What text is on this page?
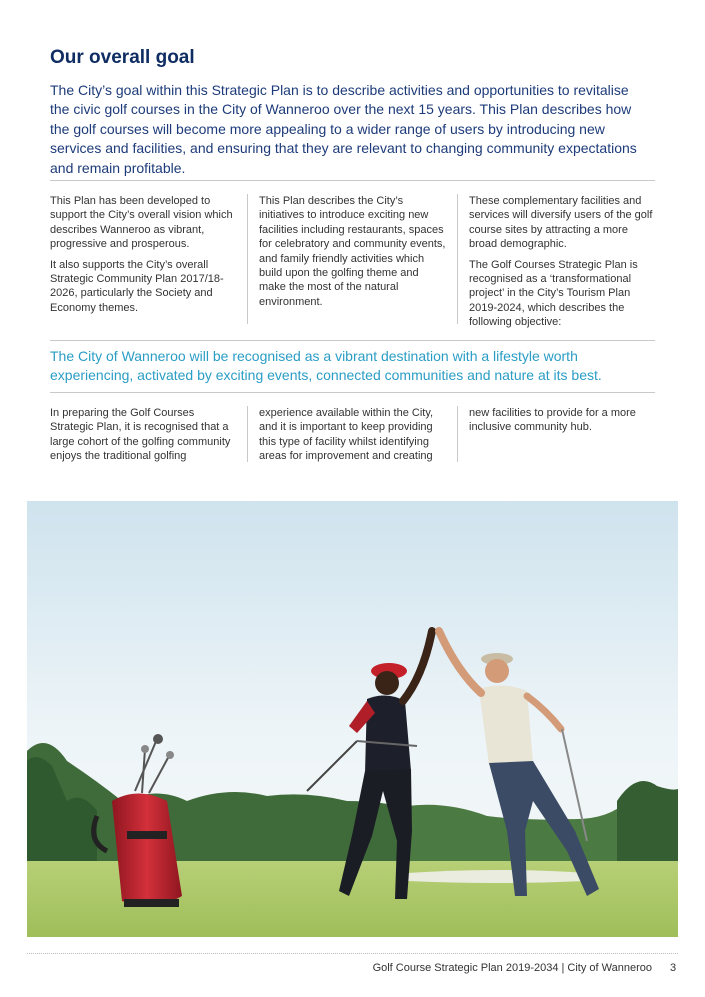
Our overall goal

The City’s goal within this Strategic Plan is to describe activities and opportunities to revitalise the civic golf courses in the City of Wanneroo over the next 15 years. This Plan describes how the golf courses will become more appealing to a wider range of users by introducing new services and facilities, and ensuring that they are relevant to changing community expectations and remain profitable.

This Plan has been developed to support the City’s overall vision which describes Wanneroo as vibrant, progressive and prosperous.

It also supports the City’s overall Strategic Community Plan 2017/18-2026, particularly the Society and Economy themes.

This Plan describes the City’s initiatives to introduce exciting new facilities including restaurants, spaces for celebratory and community events, and family friendly activities which build upon the golfing theme and make the most of the natural environment.

These complementary facilities and services will diversify users of the golf course sites by attracting a more broad demographic.

The Golf Courses Strategic Plan is recognised as a ‘transformational project’ in the City’s Tourism Plan 2019-2024, which describes the following objective:

The City of Wanneroo will be recognised as a vibrant destination with a lifestyle worth experiencing, activated by exciting events, connected communities and nature at its best.

In preparing the Golf Courses Strategic Plan, it is recognised that a large cohort of the golfing community enjoys the traditional golfing

experience available within the City, and it is important to keep providing this type of facility whilst identifying areas for improvement and creating

new facilities to provide for a more inclusive community hub.

Golf Course Strategic Plan 2019-2034 | City of Wanneroo 3
